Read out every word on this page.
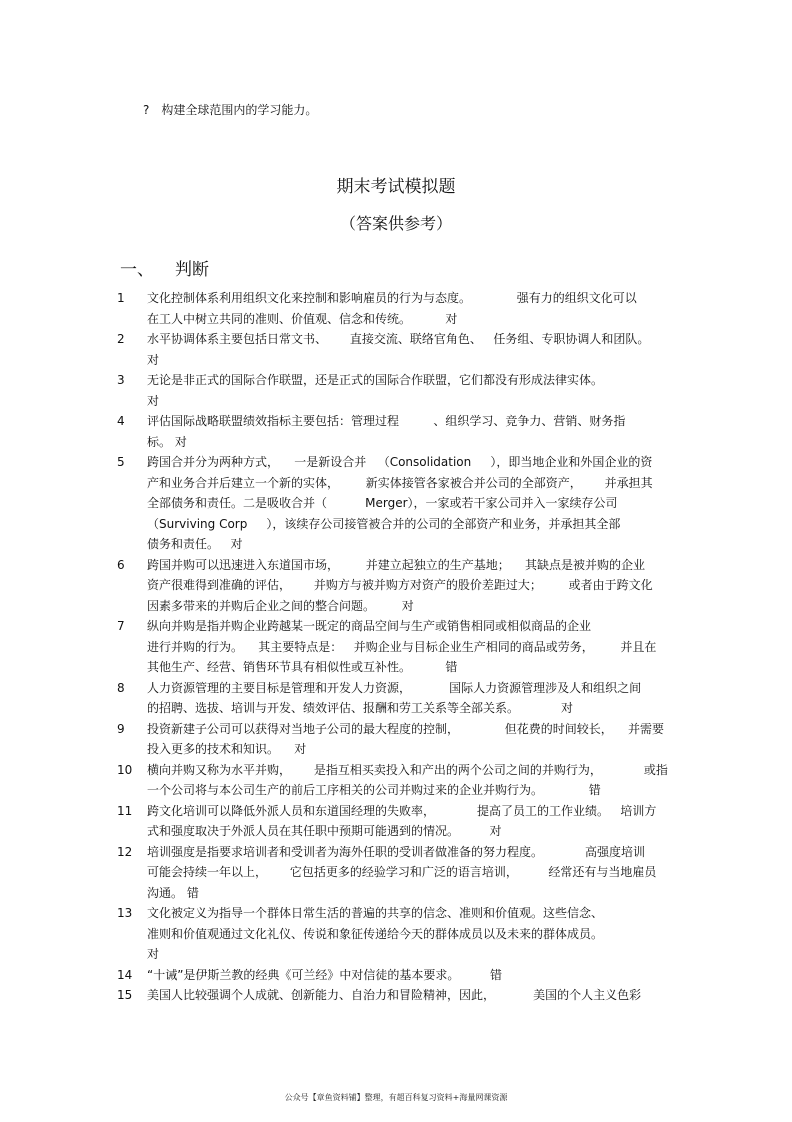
? 构建全球范围内的学习能力。
期末考试模拟题
（答案供参考）
一、 判断
1	文化控制体系利用组织文化来控制和影响雇员的行为与态度。            强有力的组织文化可以
在工人中树立共同的准则、价值观、信念和传统。         对
2	水平协调体系主要包括日常文书、      直接交流、联络官角色、   任务组、专职协调人和团队。
对
3	无论是非正式的国际合作联盟，还是正式的国际合作联盟，它们都没有形成法律实体。
对
4	评估国际战略联盟绩效指标主要包括：管理过程         、组织学习、竞争力、营销、财务指
标。 对
5	跨国合并分为两种方式，    一是新设合并   （Consolidation     ），即当地企业和外国企业的资
产和业务合并后建立一个新的实体，       新实体接管各家被合并公司的全部资产，      并承担其
全部债务和责任。二是吸收合并（          Merger），一家或若干家公司并入一家续存公司
（Surviving Corp     ），该续存公司接管被合并的公司的全部资产和业务，并承担其全部
债务和责任。   对
6	跨国并购可以迅速进入东道国市场，       并建立起独立的生产基地；    其缺点是被并购的企业
资产很难得到准确的评估，      并购方与被并购方对资产的股价差距过大；       或者由于跨文化
因素多带来的并购后企业之间的整合问题。       对
7	纵向并购是指并购企业跨越某一既定的商品空间与生产或销售相同或相似商品的企业
进行并购的行为。    其主要特点是：   并购企业与目标企业生产相同的商品或劳务，       并且在
其他生产、经营、销售环节具有相似性或互补性。         错
8	人力资源管理的主要目标是管理和开发人力资源，          国际人力资源管理涉及人和组织之间
的招聘、选拔、培训与开发、绩效评估、报酬和劳工关系等全部关系。           对
9	投资新建子公司可以获得对当地子公司的最大程度的控制，            但花费的时间较长，    并需要
投入更多的技术和知识。    对
10	横向并购又称为水平并购，      是指互相买卖投入和产出的两个公司之间的并购行为，           或指
一个公司将与本公司生产的前后工序相关的公司并购过来的企业并购行为。            错
11	跨文化培训可以降低外派人员和东道国经理的失败率，           提高了员工的工作业绩。   培训方
式和强度取决于外派人员在其任职中预期可能遇到的情况。        对
12	培训强度是指要求培训者和受训者为海外任职的受训者做准备的努力程度。           高强度培训
可能会持续一年以上，      它包括更多的经验学习和广泛的语言培训，        经常还有与当地雇员
沟通。 错
13	文化被定义为指导一个群体日常生活的普遍的共享的信念、准则和价值观。这些信念、
准则和价值观通过文化礼仪、传说和象征传递给今天的群体成员以及未来的群体成员。
对
14	“十诫”是伊斯兰教的经典《可兰经》中对信徒的基本要求。        错
15	美国人比较强调个人成就、创新能力、自治力和冒险精神，因此，          美国的个人主义色彩
公众号【章鱼资料铺】整理，有超百科复习资料+海量网课资源
